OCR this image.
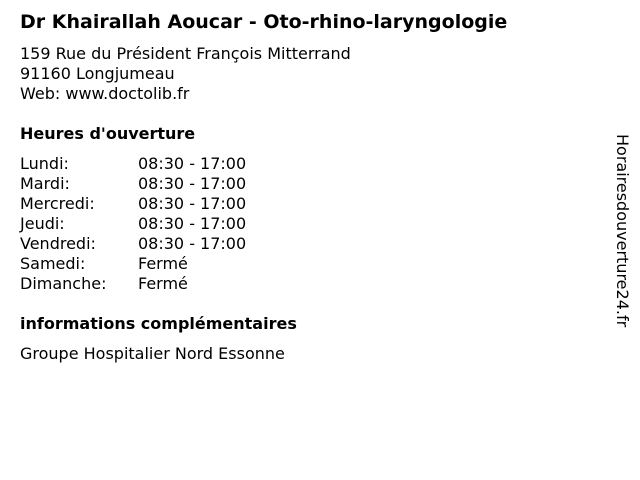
Dr Khairallah Aoucar - Oto-rhino-laryngologie
159 Rue du Président François Mitterrand
91160 Longjumeau
Web: www.doctolib.fr
Heures d'ouverture
Lundi:	08:30 - 17:00
Mardi:	08:30 - 17:00
Mercredi:	08:30 - 17:00
Jeudi:	08:30 - 17:00
Vendredi:	08:30 - 17:00
Samedi:	Fermé
Dimanche:	Fermé
informations complémentaires
Groupe Hospitalier Nord Essonne
Horairesdouverture24.fr
